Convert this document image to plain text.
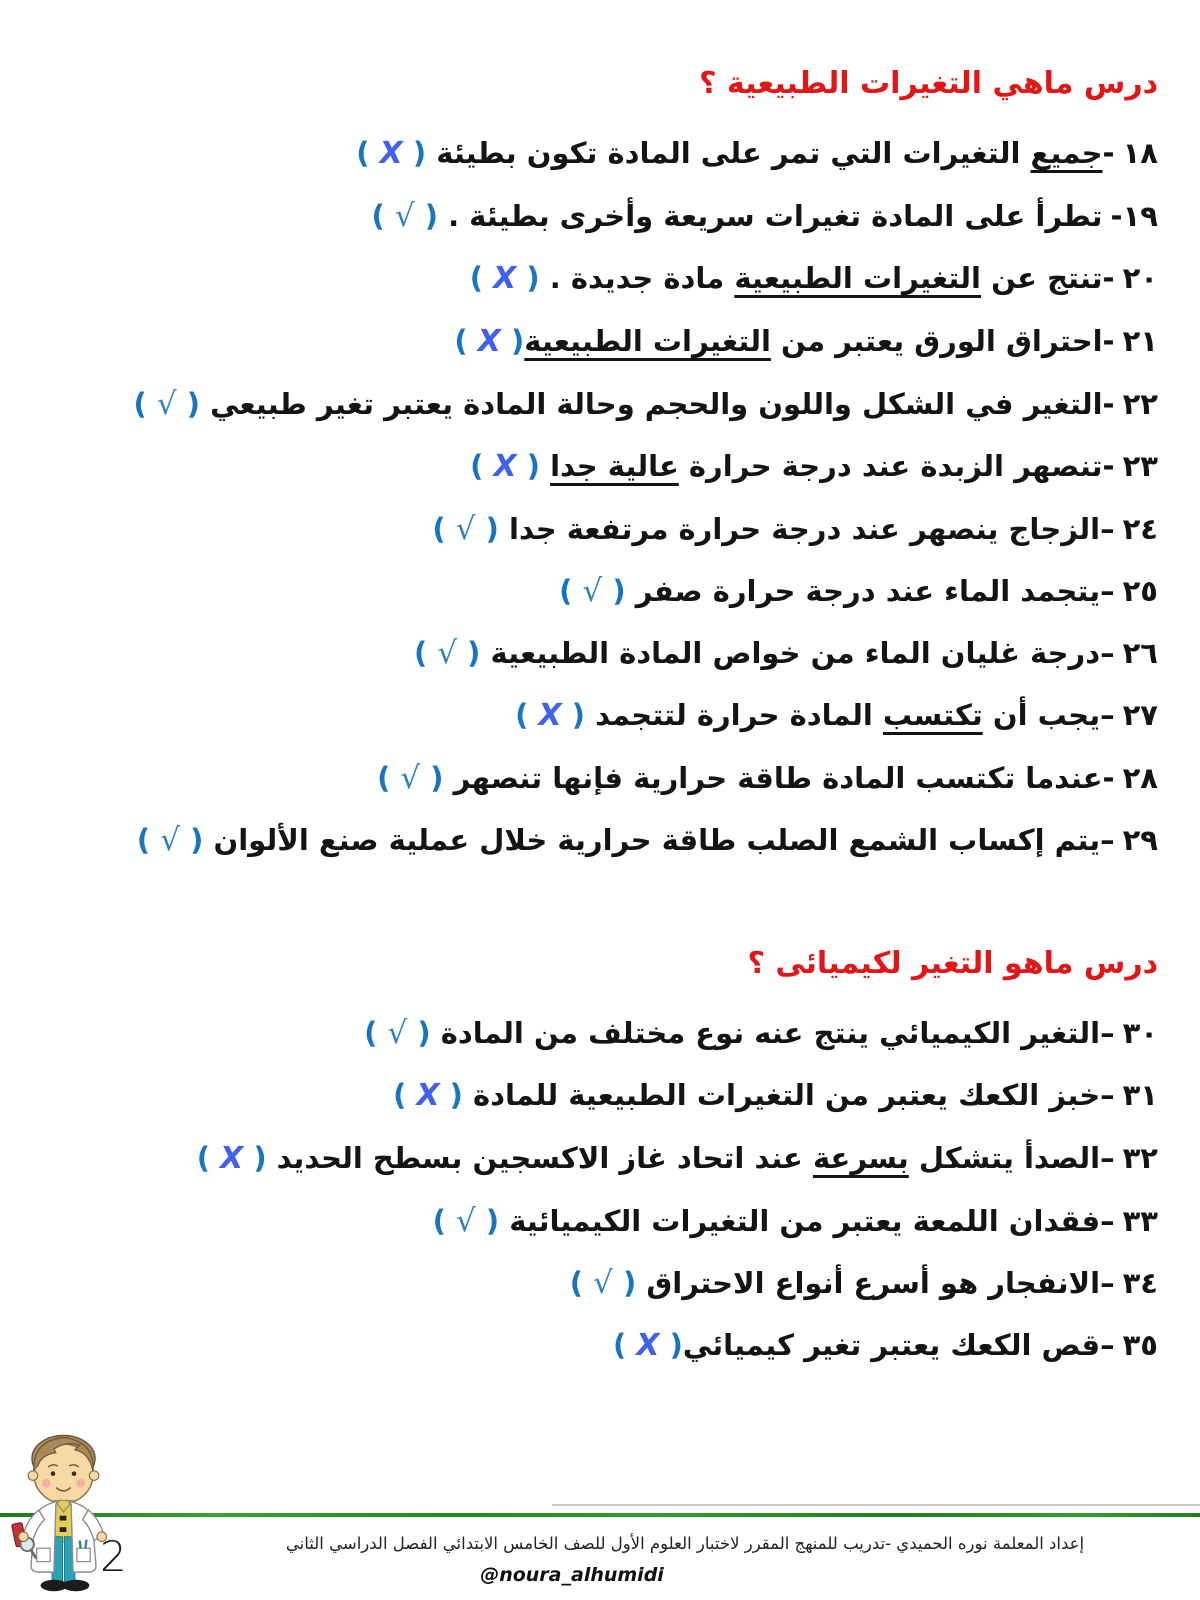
درس ماهي التغيرات الطبيعية ؟
١٨-جميع التغيرات التي تمر على المادة تكون بطيئة ( X )
١٩-تطرأ على المادة تغيرات سريعة وأخرى بطيئة . ( √ )
٢٠-تنتج عن التغيرات الطبيعية مادة جديدة . ( X )
٢١-احتراق الورق يعتبر من التغيرات الطبيعية( X )
٢٢-التغير في الشكل واللون والحجم وحالة المادة يعتبر تغير طبيعي ( √ )
٢٣-تنصهر الزبدة عند درجة حرارة عالية جدا ( X )
٢٤–الزجاج ينصهر عند درجة حرارة مرتفعة جدا ( √ )
٢٥–يتجمد الماء عند درجة حرارة صفر ( √ )
٢٦–درجة غليان الماء من خواص المادة الطبيعية ( √ )
٢٧–يجب أن تكتسب المادة حرارة لتتجمد ( X )
٢٨-عندما تكتسب المادة طاقة حرارية فإنها تنصهر ( √ )
٢٩–يتم إكساب الشمع الصلب طاقة حرارية خلال عملية صنع الألوان ( √ )
درس ماهو التغير لكيميائى ؟
٣٠–التغير الكيميائي ينتج عنه نوع مختلف من المادة ( √ )
٣١–خبز الكعك يعتبر من التغيرات الطبيعية للمادة ( X )
٣٢–الصدأ يتشكل بسرعة عند اتحاد غاز الاكسجين بسطح الحديد ( X )
٣٣–فقدان اللمعة يعتبر من التغيرات الكيميائية ( √ )
٣٤–الانفجار هو أسرع أنواع الاحتراق ( √ )
٣٥–قص الكعك يعتبر تغير كيميائي( X )
2	إعداد المعلمة نوره الحميدي -تدريب للمنهج المقرر لاختبار العلوم الأول للصف الخامس الابتدائي الفصل الدراسي الثاني
@noura_alhumidi
